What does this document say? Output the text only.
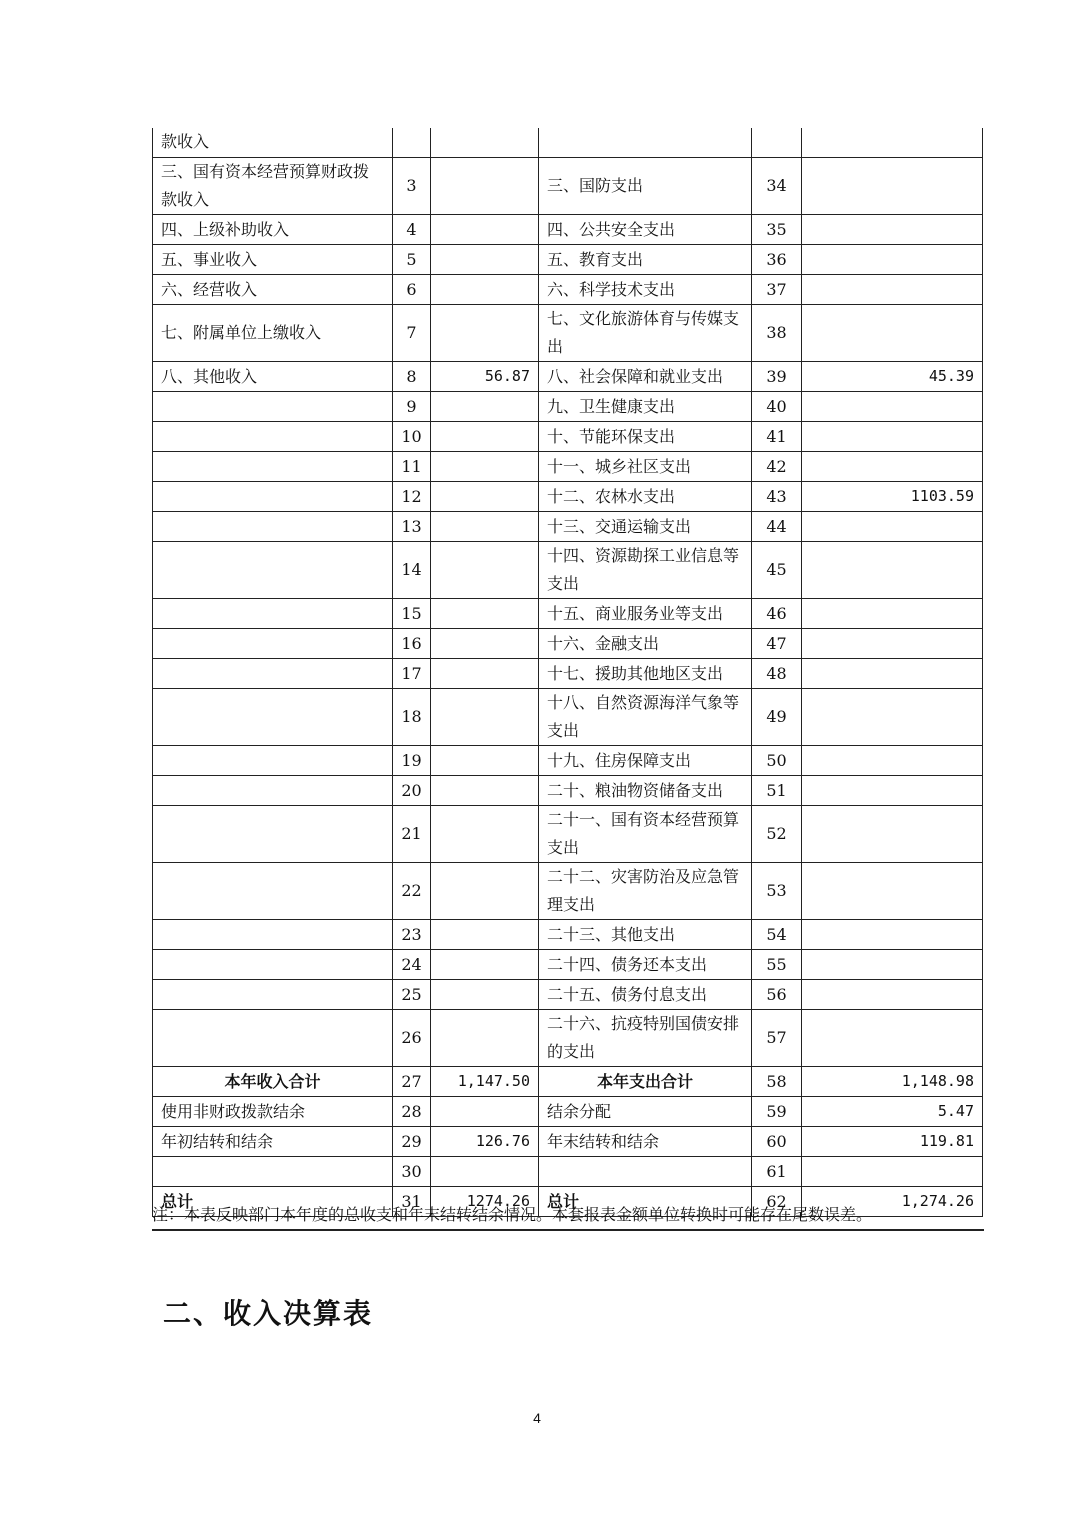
款收入					
三、国有资本经营预算财政拨款收入	3		三、国防支出	34	
四、上级补助收入	4		四、公共安全支出	35	
五、事业收入	5		五、教育支出	36	
六、经营收入	6		六、科学技术支出	37	
七、附属单位上缴收入	7		七、文化旅游体育与传媒支出	38	
八、其他收入	8	56.87	八、社会保障和就业支出	39	45.39
	9		九、卫生健康支出	40	
	10		十、节能环保支出	41	
	11		十一、城乡社区支出	42	
	12		十二、农林水支出	43	1103.59
	13		十三、交通运输支出	44	
	14		十四、资源勘探工业信息等支出	45	
	15		十五、商业服务业等支出	46	
	16		十六、金融支出	47	
	17		十七、援助其他地区支出	48	
	18		十八、自然资源海洋气象等支出	49	
	19		十九、住房保障支出	50	
	20		二十、粮油物资储备支出	51	
	21		二十一、国有资本经营预算支出	52	
	22		二十二、灾害防治及应急管理支出	53	
	23		二十三、其他支出	54	
	24		二十四、债务还本支出	55	
	25		二十五、债务付息支出	56	
	26		二十六、抗疫特别国债安排的支出	57	
本年收入合计	27	1,147.50	本年支出合计	58	1,148.98
使用非财政拨款结余	28		结余分配	59	5.47
年初结转和结余	29	126.76	年末结转和结余	60	119.81
	30			61	
总计	31	1274.26	总计	62	1,274.26
注：本表反映部门本年度的总收支和年末结转结余情况。本套报表金额单位转换时可能存在尾数误差。
二、收入决算表
4
